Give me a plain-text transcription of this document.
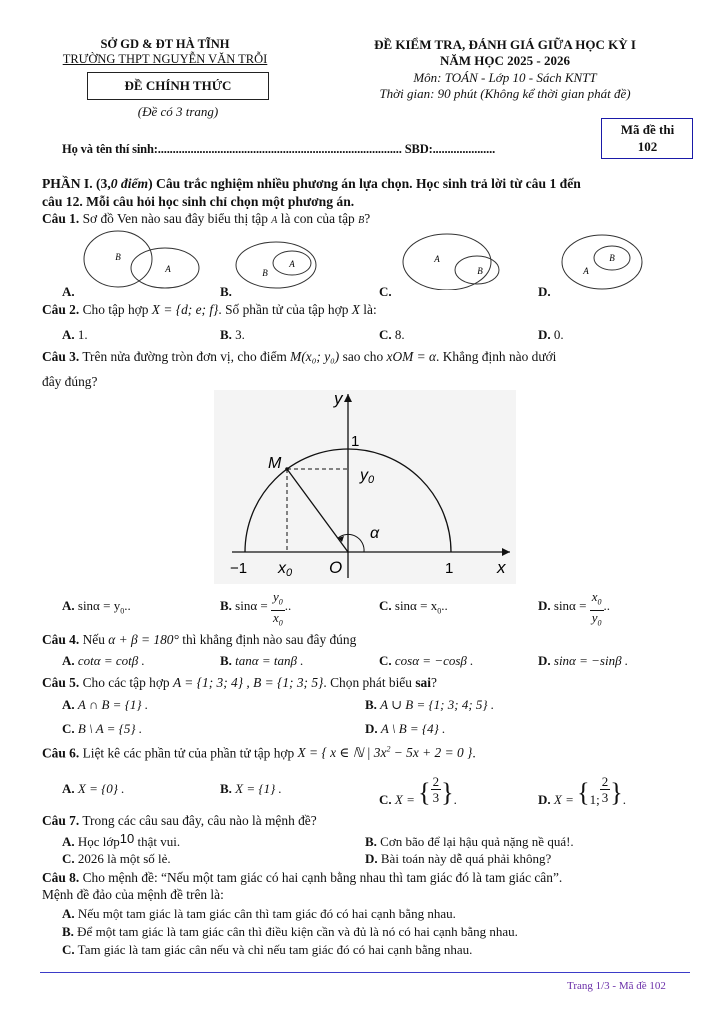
SỞ GD & ĐT HÀ TĨNH
TRƯỜNG THPT NGUYỄN VĂN TRỖI
ĐỀ CHÍNH THỨC
(Đề có 3 trang)
ĐỀ KIỂM TRA, ĐÁNH GIÁ GIỮA HỌC KỲ I
NĂM HỌC 2025 - 2026
Môn: TOÁN - Lớp 10 - Sách KNTT
Thời gian: 90 phút (Không kể thời gian phát đề)
Mã đề thi
102
Họ và tên thí sinh:.................................................................................. SBD:.....................
PHẦN I. (3,0 điểm) Câu trắc nghiệm nhiều phương án lựa chọn. Học sinh trả lời từ câu 1 đến
câu 12. Mỗi câu hỏi học sinh chỉ chọn một phương án.
Câu 1. Sơ đồ Ven nào sau đây biểu thị tập A là con của tập B?
B
A	B
A	A
B
B
A
A.	B.	C.	D.
Câu 2. Cho tập hợp X = {d; e; f}. Số phần tử của tập hợp X là:
A. 1.	B. 3.	C. 8.	D. 0.
Câu 3. Trên nửa đường tròn đơn vị, cho điểm M(x₀; y₀) sao cho xOM = α. Khẳng định nào dưới
đây đúng?
y
x
1
M
y0
α
−1 x0 O	1
A. $\sin\alpha = y_0$..	B. $\sin\alpha = \frac{y_0}{x_0}$ ..	C. $\sin\alpha = x_0$..	D. $\sin\alpha = \frac{x_0}{y_0}$ ..
Câu 4. Nếu α + β = 180° thì khẳng định nào sau đây đúng
A. cotα = cotβ .	B. tanα = tanβ .	C. cosα = −cosβ .	D. sinα = −sinβ .
Câu 5. Cho các tập hợp A = {1; 3; 4} , B = {1; 3; 5}. Chọn phát biểu sai?
A. A ∩ B = {1} .	B. A ∪ B = {1; 3; 4; 5} .
C. B \ A = {5} .	D. A \ B = {4} .
Câu 6. Liệt kê các phần tử của phần tử tập hợp X = { x ∈ ℕ | $3x^2 - 5x + 2 = 0$ }.
A. X = {0} .	B. X = {1} .
C. X = { $\frac{2}{3}$ }.	D. X = {1; $\frac{2}{3}$ }.
Câu 7. Trong các câu sau đây, câu nào là mệnh đề?
A. Học lớp10 thật vui.	B. Cơn bão để lại hậu quả nặng nề quá!.
C. 2026 là một số lẻ.	D. Bài toán này dễ quá phải không?
Câu 8. Cho mệnh đề: “Nếu một tam giác có hai cạnh bằng nhau thì tam giác đó là tam giác cân”.
Mệnh đề đảo của mệnh đề trên là:
A. Nếu một tam giác là tam giác cân thì tam giác đó có hai cạnh bằng nhau.
B. Để một tam giác là tam giác cân thì điều kiện cần và đủ là nó có hai cạnh bằng nhau.
C. Tam giác là tam giác cân nếu và chỉ nếu tam giác đó có hai cạnh bằng nhau.
Trang 1/3 - Mã đề 102
